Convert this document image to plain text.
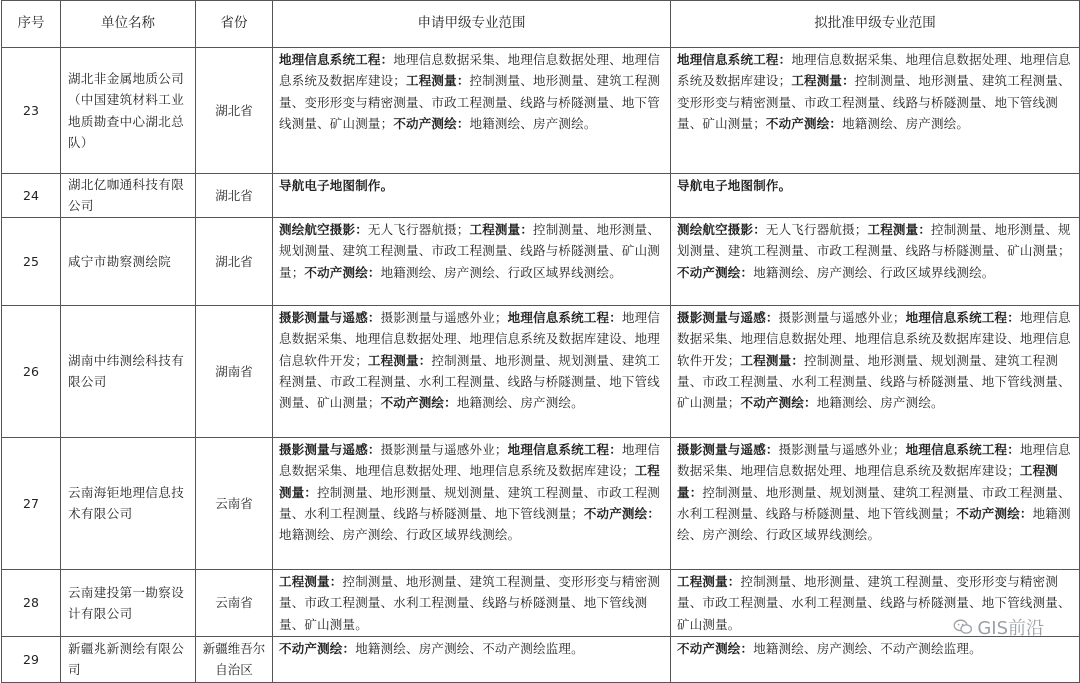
序号	单位名称	省份	申请甲级专业范围	拟批准甲级专业范围
23	湖北非金属地质公司（中国建筑材料工业地质勘查中心湖北总队）	湖北省	地理信息系统工程：地理信息数据采集、地理信息数据处理、地理信息系统及数据库建设；工程测量：控制测量、地形测量、建筑工程测量、变形形变与精密测量、市政工程测量、线路与桥隧测量、地下管线测量、矿山测量；不动产测绘：地籍测绘、房产测绘。	地理信息系统工程：地理信息数据采集、地理信息数据处理、地理信息系统及数据库建设；工程测量：控制测量、地形测量、建筑工程测量、变形形变与精密测量、市政工程测量、线路与桥隧测量、地下管线测量、矿山测量；不动产测绘：地籍测绘、房产测绘。
24	湖北亿咖通科技有限公司	湖北省	导航电子地图制作。	导航电子地图制作。
25	咸宁市勘察测绘院	湖北省	测绘航空摄影：无人飞行器航摄；工程测量：控制测量、地形测量、规划测量、建筑工程测量、市政工程测量、线路与桥隧测量、矿山测量；不动产测绘：地籍测绘、房产测绘、行政区域界线测绘。	测绘航空摄影：无人飞行器航摄；工程测量：控制测量、地形测量、规划测量、建筑工程测量、市政工程测量、线路与桥隧测量、矿山测量；不动产测绘：地籍测绘、房产测绘、行政区域界线测绘。
26	湖南中纬测绘科技有限公司	湖南省	摄影测量与遥感：摄影测量与遥感外业；地理信息系统工程：地理信息数据采集、地理信息数据处理、地理信息系统及数据库建设、地理信息软件开发；工程测量：控制测量、地形测量、规划测量、建筑工程测量、市政工程测量、水利工程测量、线路与桥隧测量、地下管线测量、矿山测量；不动产测绘：地籍测绘、房产测绘。	摄影测量与遥感：摄影测量与遥感外业；地理信息系统工程：地理信息数据采集、地理信息数据处理、地理信息系统及数据库建设、地理信息软件开发；工程测量：控制测量、地形测量、规划测量、建筑工程测量、市政工程测量、水利工程测量、线路与桥隧测量、地下管线测量、矿山测量；不动产测绘：地籍测绘、房产测绘。
27	云南海钜地理信息技术有限公司	云南省	摄影测量与遥感：摄影测量与遥感外业；地理信息系统工程：地理信息数据采集、地理信息数据处理、地理信息系统及数据库建设；工程测量：控制测量、地形测量、规划测量、建筑工程测量、市政工程测量、水利工程测量、线路与桥隧测量、地下管线测量；不动产测绘：地籍测绘、房产测绘、行政区域界线测绘。	摄影测量与遥感：摄影测量与遥感外业；地理信息系统工程：地理信息数据采集、地理信息数据处理、地理信息系统及数据库建设；工程测量：控制测量、地形测量、规划测量、建筑工程测量、市政工程测量、水利工程测量、线路与桥隧测量、地下管线测量；不动产测绘：地籍测绘、房产测绘、行政区域界线测绘。
28	云南建投第一勘察设计有限公司	云南省	工程测量：控制测量、地形测量、建筑工程测量、变形形变与精密测量、市政工程测量、水利工程测量、线路与桥隧测量、地下管线测量、矿山测量。	工程测量：控制测量、地形测量、建筑工程测量、变形形变与精密测量、市政工程测量、水利工程测量、线路与桥隧测量、地下管线测量、矿山测量。
29	新疆兆新测绘有限公司	新疆维吾尔自治区	不动产测绘：地籍测绘、房产测绘、不动产测绘监理。	不动产测绘：地籍测绘、房产测绘、不动产测绘监理。
GIS前沿
